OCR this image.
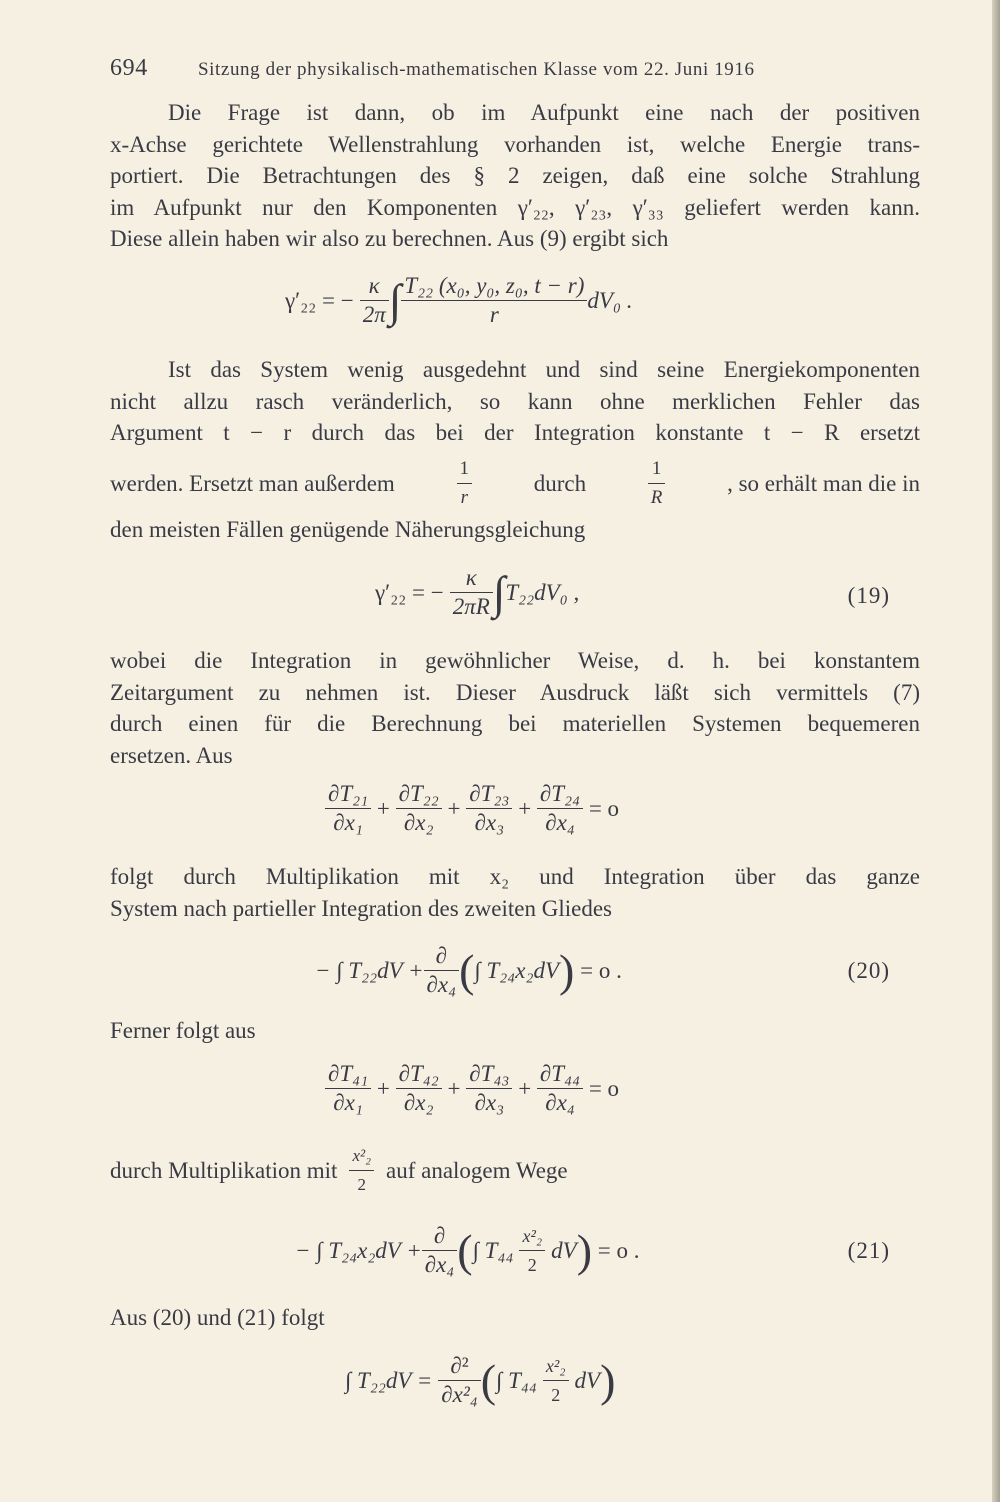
694	Sitzung der physikalisch-mathematischen Klasse vom 22. Juni 1916
Die Frage ist dann, ob im Aufpunkt eine nach der positiven
x-Achse gerichtete Wellenstrahlung vorhanden ist, welche Energie trans-
portiert. Die Betrachtungen des § 2 zeigen, daß eine solche Strahlung
im Aufpunkt nur den Komponenten γ′₂₂, γ′₂₃, γ′₃₃ geliefert werden kann.
Diese allein haben wir also zu berechnen. Aus (9) ergibt sich
γ′₂₂ = − $\frac{\kappa}{2\pi}$ ∫ $\frac{\text{T₂₂ (x₀, y₀, z₀, t − r)}}{r} dV_0$ .
Ist das System wenig ausgedehnt und sind seine Energiekomponenten
nicht allzu rasch veränderlich, so kann ohne merklichen Fehler das
Argument t − r durch das bei der Integration konstante t − R ersetzt
werden. Ersetzt man außerdem	$\frac{1}{r}$	durch	$\frac{1}{R}$	, so erhält man die in
den meisten Fällen genügende Näherungsgleichung
γ′₂₂ = − $\frac{\kappa}{2\pi R}$ ∫ T₂₂dV₀ ,	(19)
wobei die Integration in gewöhnlicher Weise, d. h. bei konstantem
Zeitargument zu nehmen ist. Dieser Ausdruck läßt sich vermittels (7)
durch einen für die Berechnung bei materiellen Systemen bequemeren
ersetzen. Aus
$\frac{\text{∂T₂₁}}{\text{∂x₁}} + \frac{\text{∂T₂₂}}{\text{∂x₂}} + \frac{\text{∂T₂₃}}{\text{∂x₃}} + \frac{\text{∂T₂₄}}{\text{∂x₄}}$
= o
folgt durch Multiplikation mit x₂ und Integration über das ganze
System nach partieller Integration des zweiten Gliedes
− ∫ $T_{22}dV + \frac{\partial}{\text{∂x₄}}$ ( ∫ T₂₄x₂dV )
= o .	(20)
Ferner folgt aus
$\frac{\text{∂T₄₁}}{\text{∂x₁}} + \frac{\text{∂T₄₂}}{\text{∂x₂}} + \frac{\text{∂T₄₃}}{\text{∂x₃}} + \frac{\text{∂T₄₄}}{\text{∂x₄}}$
= o
durch Multiplikation mit $\frac{\text{x²₂}}{2}$ auf analogem Wege
− ∫ $T_{24}x_2dV + \frac{\partial}{\text{∂x₄}}$ ( ∫ $T_{44} \frac{\text{x²₂}}{2}$ dV )
= o .	(21)
Aus (20) und (21) folgt
∫ $T_{22}dV = \frac{\text{∂²}}{\text{∂x²₄}}$ ( ∫ $T_{44} \frac{\text{x²₂}}{2}$ dV )
